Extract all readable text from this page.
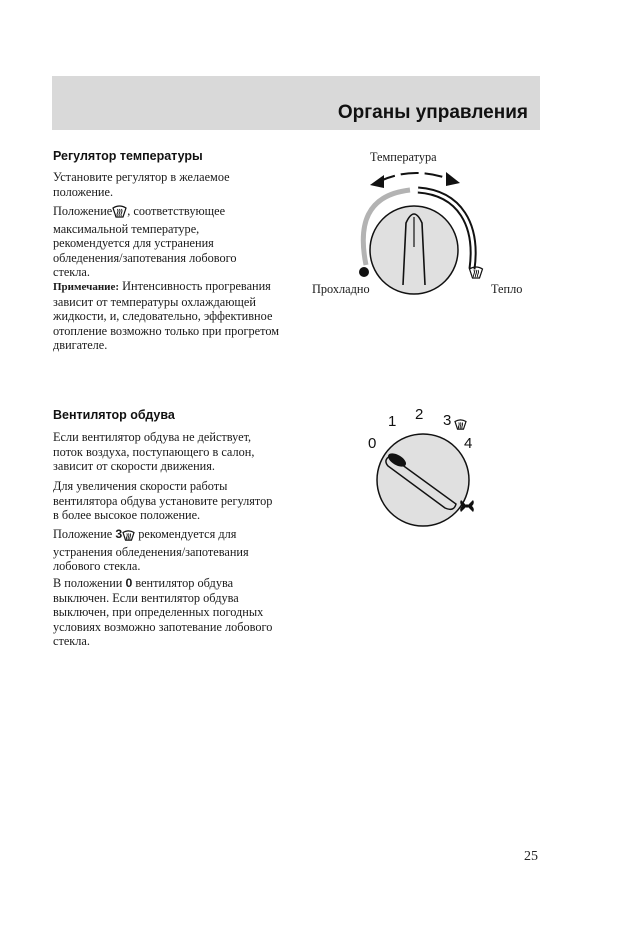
Органы управления
Регулятор температуры

Установите регулятор в желаемое положение.

Положение , соответствующее максимальной температуре, рекомендуется для устранения обледенения/запотевания лобового стекла.

Примечание: Интенсивность прогревания зависит от температуры охлаждающей жидкости, и, следовательно, эффективное отопление возможно только при прогретом двигателе.

Температура
Прохладно	Тепло
Вентилятор обдува

Если вентилятор обдува не действует, поток воздуха, поступающего в салон, зависит от скорости движения.

Для увеличения скорости работы вентилятора обдува установите регулятор в более высокое положение.

Положение 3 рекомендуется для устранения обледенения/запотевания лобового стекла.

В положении 0 вентилятор обдува выключен. Если вентилятор обдува выключен, при определенных погодных условиях возможно запотевание лобового стекла.

0
1 2 3
4
25
